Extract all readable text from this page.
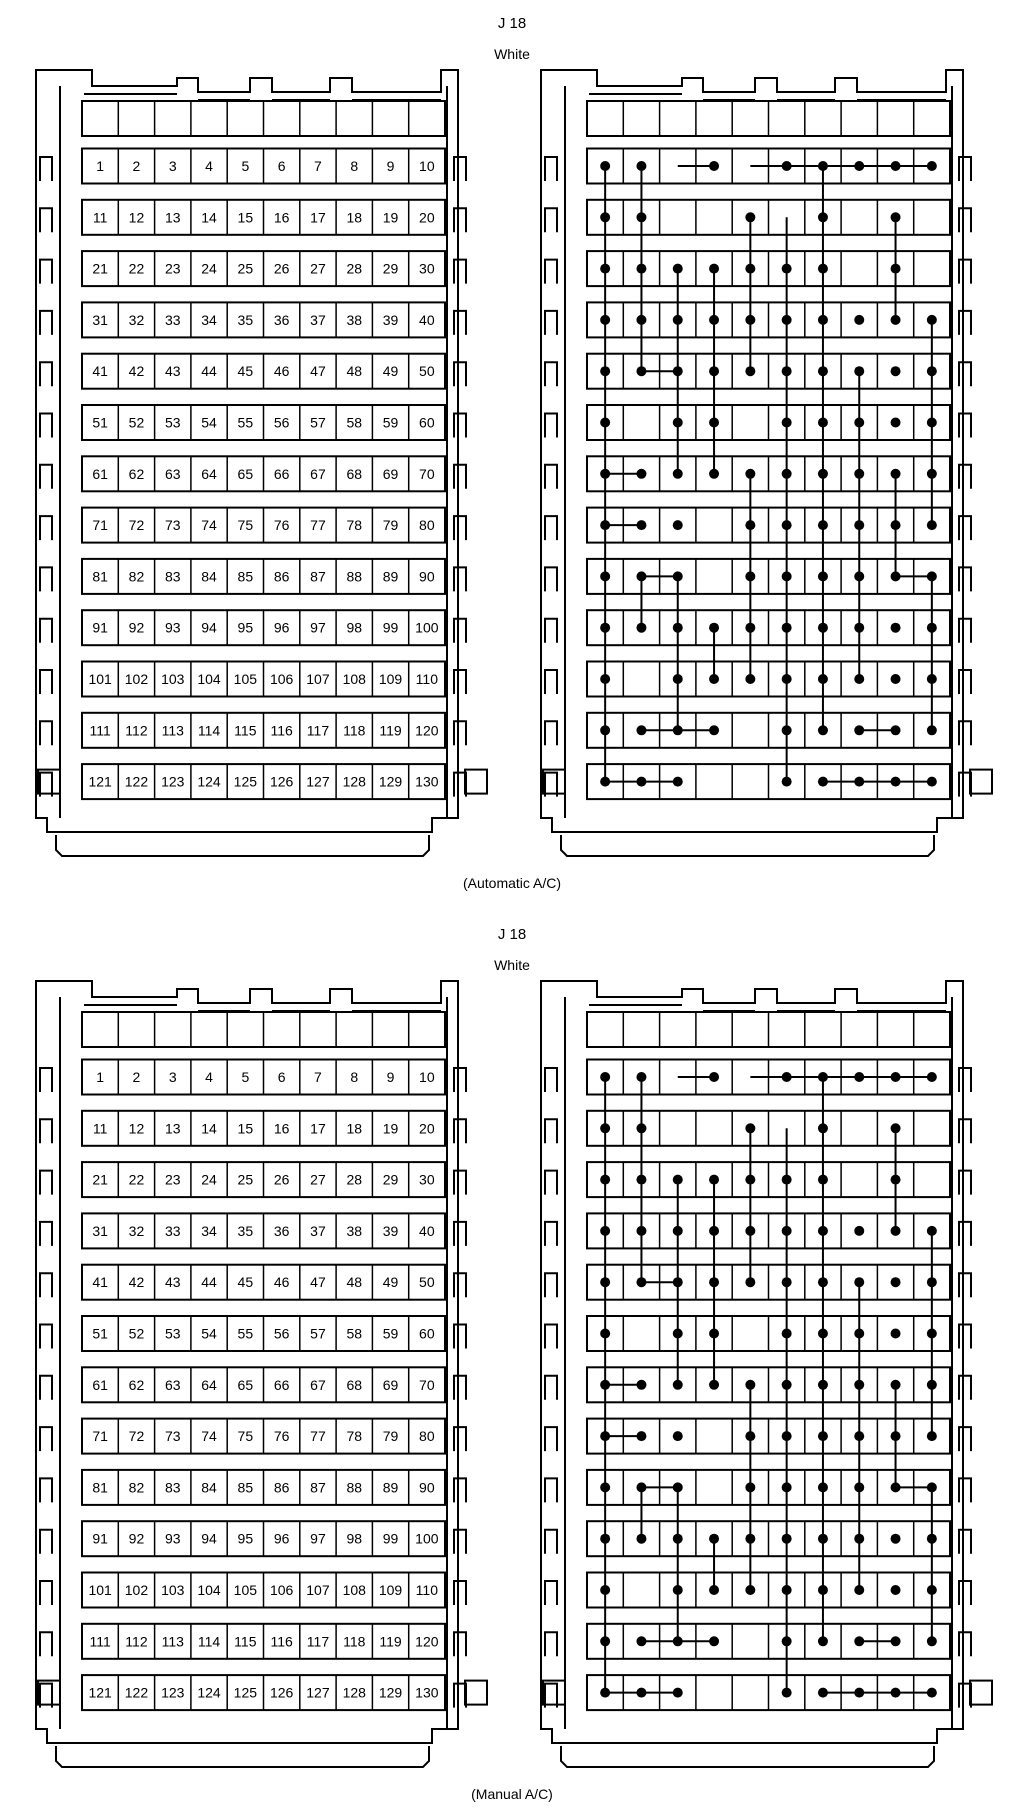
J 18
White
(Automatic A/C)
1 2 3 4 5 6 7 8 9 10
11 12 13 14 15 16 17 18 19 20
21 22 23 24 25 26 27 28 29 30
31 32 33 34 35 36 37 38 39 40
41 42 43 44 45 46 47 48 49 50
51 52 53 54 55 56 57 58 59 60
61 62 63 64 65 66 67 68 69 70
71 72 73 74 75 76 77 78 79 80
81 82 83 84 85 86 87 88 89 90
91 92 93 94 95 96 97 98 99 100
101 102 103 104 105 106 107 108 109 110
111 112 113 114 115 116 117 118 119 120
121 122 123 124 125 126 127 128 129 130
J 18
White
(Manual A/C)
1 2 3 4 5 6 7 8 9 10
11 12 13 14 15 16 17 18 19 20
21 22 23 24 25 26 27 28 29 30
31 32 33 34 35 36 37 38 39 40
41 42 43 44 45 46 47 48 49 50
51 52 53 54 55 56 57 58 59 60
61 62 63 64 65 66 67 68 69 70
71 72 73 74 75 76 77 78 79 80
81 82 83 84 85 86 87 88 89 90
91 92 93 94 95 96 97 98 99 100
101 102 103 104 105 106 107 108 109 110
111 112 113 114 115 116 117 118 119 120
121 122 123 124 125 126 127 128 129 130
